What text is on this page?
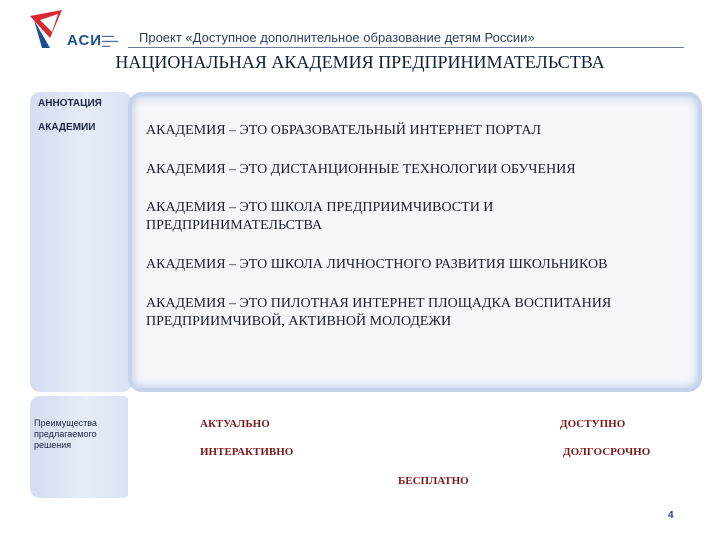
АСИ ▬▬▬
▬▬▬▬
▬▬
Проект «Доступное дополнительное образование детям России»
НАЦИОНАЛЬНАЯ АКАДЕМИЯ ПРЕДПРИНИМАТЕЛЬСТВА
АННОТАЦИЯ
АКАДЕМИИ
Преимущества предлагаемого решения
АКАДЕМИЯ – ЭТО ОБРАЗОВАТЕЛЬНЫЙ ИНТЕРНЕТ ПОРТАЛ
АКАДЕМИЯ – ЭТО ДИСТАНЦИОННЫЕ ТЕХНОЛОГИИ ОБУЧЕНИЯ
АКАДЕМИЯ – ЭТО ШКОЛА ПРЕДПРИИМЧИВОСТИ И ПРЕДПРИНИМАТЕЛЬСТВА
АКАДЕМИЯ – ЭТО ШКОЛА ЛИЧНОСТНОГО РАЗВИТИЯ ШКОЛЬНИКОВ
АКАДЕМИЯ – ЭТО ПИЛОТНАЯ ИНТЕРНЕТ ПЛОЩАДКА ВОСПИТАНИЯ ПРЕДПРИИМЧИВОЙ, АКТИВНОЙ МОЛОДЕЖИ
АКТУАЛЬНО	ДОСТУПНО
ИНТЕРАКТИВНО	ДОЛГОСРОЧНО
БЕСПЛАТНО
4
